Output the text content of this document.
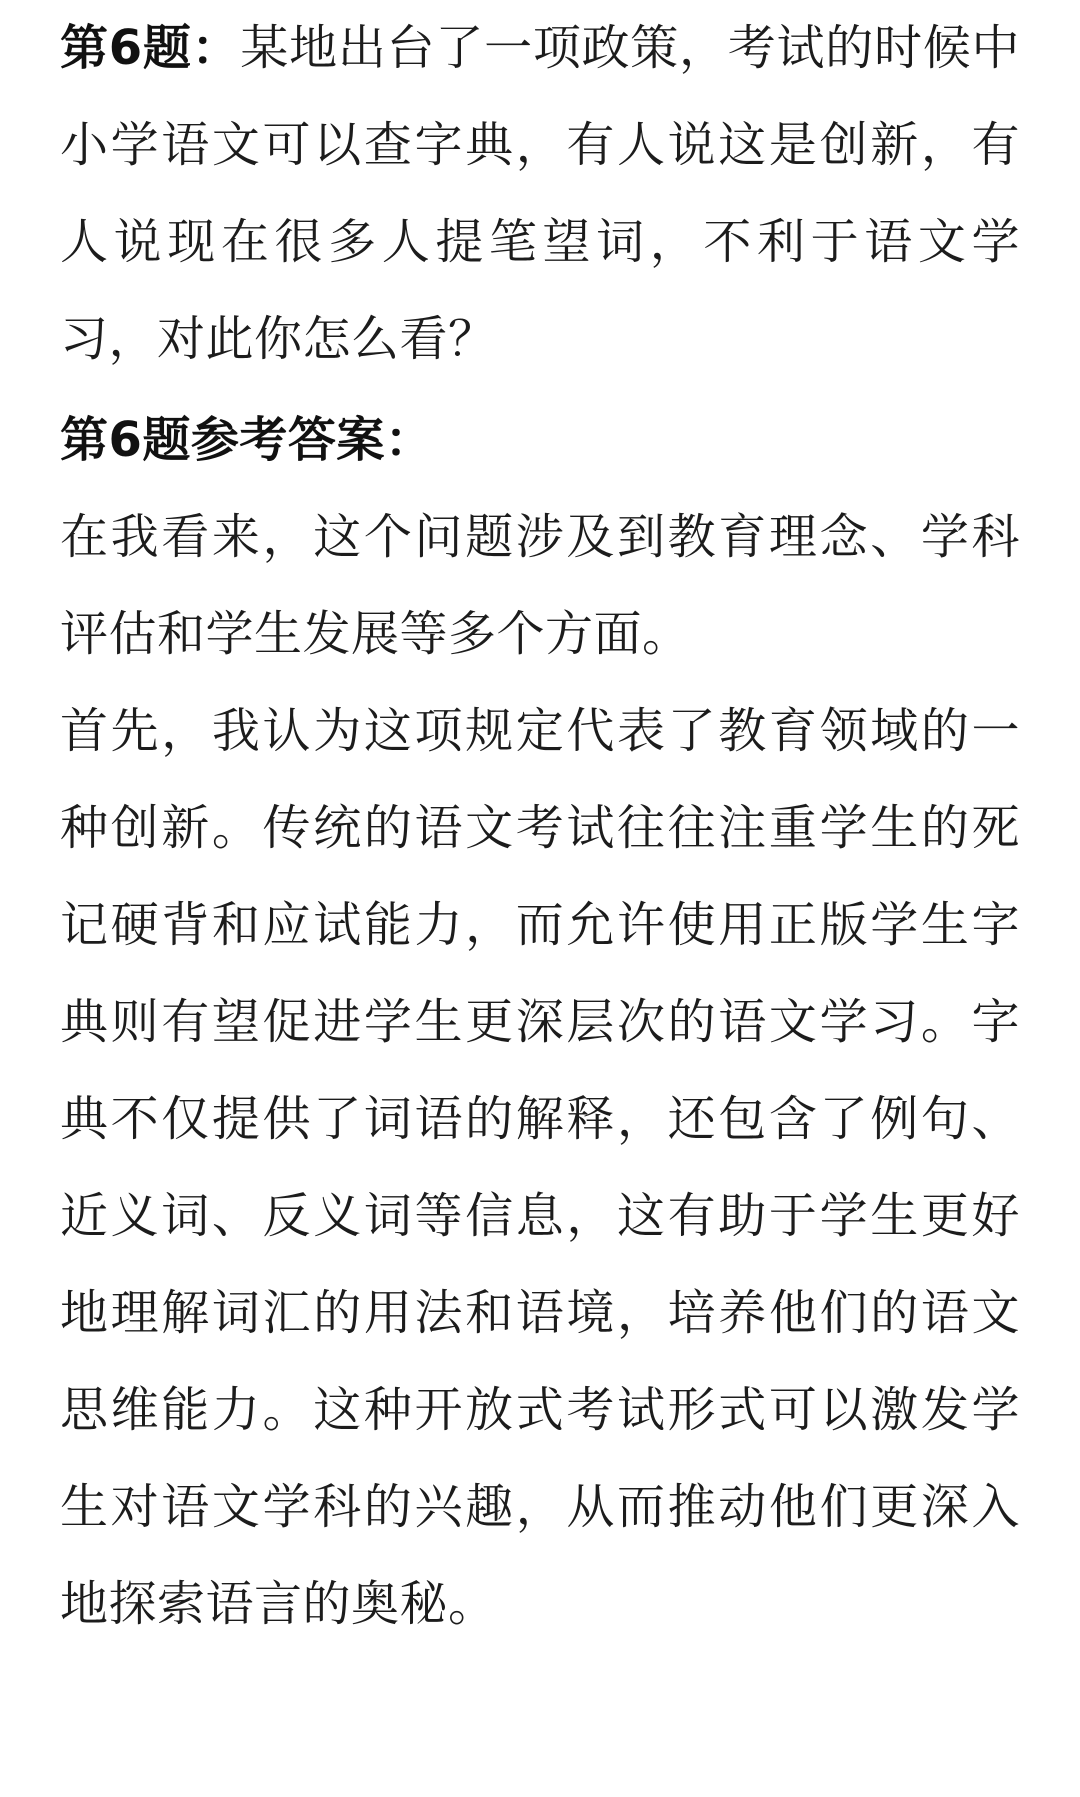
第6题：某地出台了一项政策，考试的时候中小学语文可以查字典，有人说这是创新，有人说现在很多人提笔望词，不利于语文学习，对此你怎么看？

第6题参考答案：

在我看来，这个问题涉及到教育理念、学科评估和学生发展等多个方面。

首先，我认为这项规定代表了教育领域的一种创新。传统的语文考试往往注重学生的死记硬背和应试能力，而允许使用正版学生字典则有望促进学生更深层次的语文学习。字典不仅提供了词语的解释，还包含了例句、近义词、反义词等信息，这有助于学生更好地理解词汇的用法和语境，培养他们的语文思维能力。这种开放式考试形式可以激发学生对语文学科的兴趣，从而推动他们更深入地探索语言的奥秘。
